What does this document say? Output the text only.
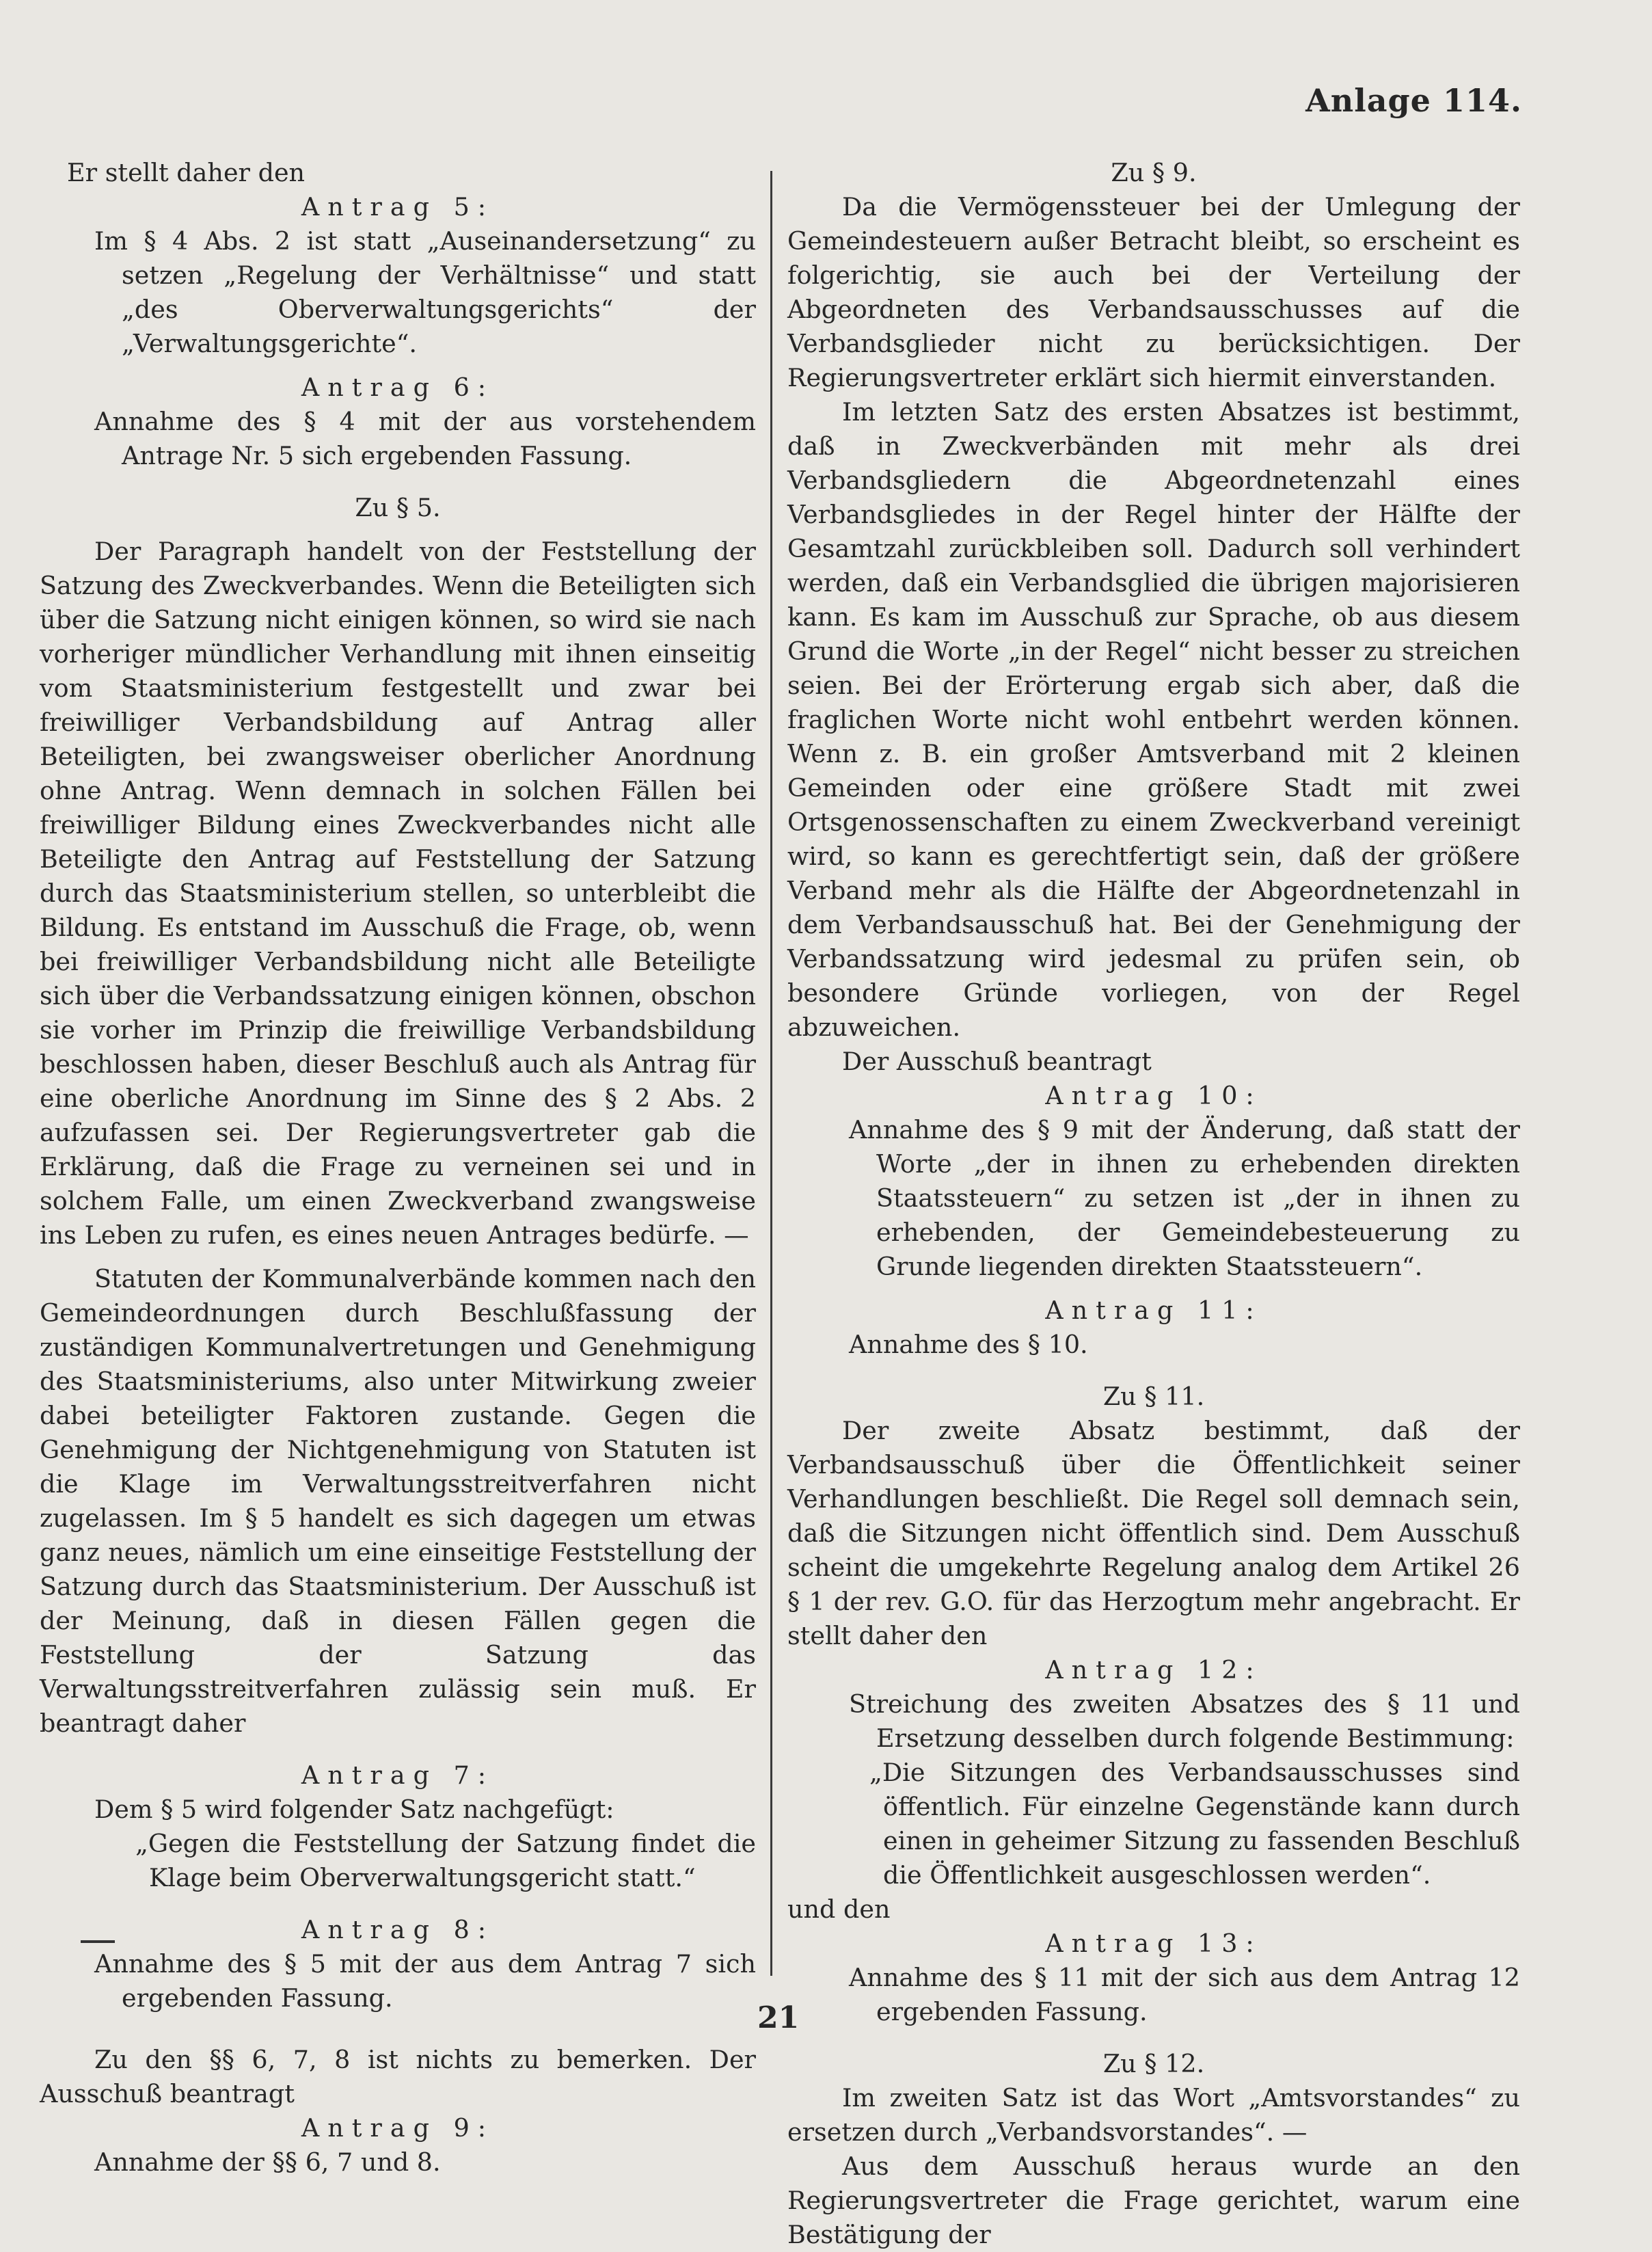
Anlage 114.

Er stellt daher den

Antrag 5:

Im § 4 Abs. 2 ist statt „Auseinandersetzung“ zu setzen „Regelung der Verhältnisse“ und statt „des Oberverwaltungsgerichts“ der „Verwaltungsgerichte“.

Antrag 6:

Annahme des § 4 mit der aus vorstehendem Antrage Nr. 5 sich ergebenden Fassung.

Zu § 5.

Der Paragraph handelt von der Feststellung der Satzung des Zweckverbandes. Wenn die Beteiligten sich über die Satzung nicht einigen können, so wird sie nach vorheriger mündlicher Verhandlung mit ihnen einseitig vom Staatsministerium festgestellt und zwar bei freiwilliger Verbandsbildung auf Antrag aller Beteiligten, bei zwangsweiser oberlicher Anordnung ohne Antrag. Wenn demnach in solchen Fällen bei freiwilliger Bildung eines Zweckverbandes nicht alle Beteiligte den Antrag auf Feststellung der Satzung durch das Staatsministerium stellen, so unterbleibt die Bildung. Es entstand im Ausschuß die Frage, ob, wenn bei freiwilliger Verbandsbildung nicht alle Beteiligte sich über die Verbandssatzung einigen können, obschon sie vorher im Prinzip die freiwillige Verbandsbildung beschlossen haben, dieser Beschluß auch als Antrag für eine oberliche Anordnung im Sinne des § 2 Abs. 2 aufzufassen sei. Der Regierungsvertreter gab die Erklärung, daß die Frage zu verneinen sei und in solchem Falle, um einen Zweckverband zwangsweise ins Leben zu rufen, es eines neuen Antrages bedürfe. —

Statuten der Kommunalverbände kommen nach den Gemeindeordnungen durch Beschlußfassung der zuständigen Kommunalvertretungen und Genehmigung des Staatsministeriums, also unter Mitwirkung zweier dabei beteiligter Faktoren zustande. Gegen die Genehmigung der Nichtgenehmigung von Statuten ist die Klage im Verwaltungsstreitverfahren nicht zugelassen. Im § 5 handelt es sich dagegen um etwas ganz neues, nämlich um eine einseitige Feststellung der Satzung durch das Staatsministerium. Der Ausschuß ist der Meinung, daß in diesen Fällen gegen die Feststellung der Satzung das Verwaltungsstreitverfahren zulässig sein muß. Er beantragt daher

Antrag 7:

Dem § 5 wird folgender Satz nachgefügt:

„Gegen die Feststellung der Satzung findet die Klage beim Oberverwaltungsgericht statt.“

Antrag 8:

Annahme des § 5 mit der aus dem Antrag 7 sich ergebenden Fassung.

Zu den §§ 6, 7, 8 ist nichts zu bemerken. Der Ausschuß beantragt

Antrag 9:

Annahme der §§ 6, 7 und 8.

Zu § 9.

Da die Vermögenssteuer bei der Umlegung der Gemeindesteuern außer Betracht bleibt, so erscheint es folgerichtig, sie auch bei der Verteilung der Abgeordneten des Verbandsausschusses auf die Verbandsglieder nicht zu berücksichtigen. Der Regierungsvertreter erklärt sich hiermit einverstanden.

Im letzten Satz des ersten Absatzes ist bestimmt, daß in Zweckverbänden mit mehr als drei Verbandsgliedern die Abgeordnetenzahl eines Verbandsgliedes in der Regel hinter der Hälfte der Gesamtzahl zurückbleiben soll. Dadurch soll verhindert werden, daß ein Verbandsglied die übrigen majorisieren kann. Es kam im Ausschuß zur Sprache, ob aus diesem Grund die Worte „in der Regel“ nicht besser zu streichen seien. Bei der Erörterung ergab sich aber, daß die fraglichen Worte nicht wohl entbehrt werden können. Wenn z. B. ein großer Amtsverband mit 2 kleinen Gemeinden oder eine größere Stadt mit zwei Ortsgenossenschaften zu einem Zweckverband vereinigt wird, so kann es gerechtfertigt sein, daß der größere Verband mehr als die Hälfte der Abgeordnetenzahl in dem Verbandsausschuß hat. Bei der Genehmigung der Verbandssatzung wird jedesmal zu prüfen sein, ob besondere Gründe vorliegen, von der Regel abzuweichen.

Der Ausschuß beantragt

Antrag 10:

Annahme des § 9 mit der Änderung, daß statt der Worte „der in ihnen zu erhebenden direkten Staatssteuern“ zu setzen ist „der in ihnen zu erhebenden, der Gemeindebesteuerung zu Grunde liegenden direkten Staatssteuern“.

Antrag 11:

Annahme des § 10.

Zu § 11.

Der zweite Absatz bestimmt, daß der Verbandsausschuß über die Öffentlichkeit seiner Verhandlungen beschließt. Die Regel soll demnach sein, daß die Sitzungen nicht öffentlich sind. Dem Ausschuß scheint die umgekehrte Regelung analog dem Artikel 26 § 1 der rev. G.O. für das Herzogtum mehr angebracht. Er stellt daher den

Antrag 12:

Streichung des zweiten Absatzes des § 11 und Ersetzung desselben durch folgende Bestimmung:

„Die Sitzungen des Verbandsausschusses sind öffentlich. Für einzelne Gegenstände kann durch einen in geheimer Sitzung zu fassenden Beschluß die Öffentlichkeit ausgeschlossen werden“.

und den

Antrag 13:

Annahme des § 11 mit der sich aus dem Antrag 12 ergebenden Fassung.

Zu § 12.

Im zweiten Satz ist das Wort „Amtsvorstandes“ zu ersetzen durch „Verbandsvorstandes“. —

Aus dem Ausschuß heraus wurde an den Regierungsvertreter die Frage gerichtet, warum eine Bestätigung der

21
